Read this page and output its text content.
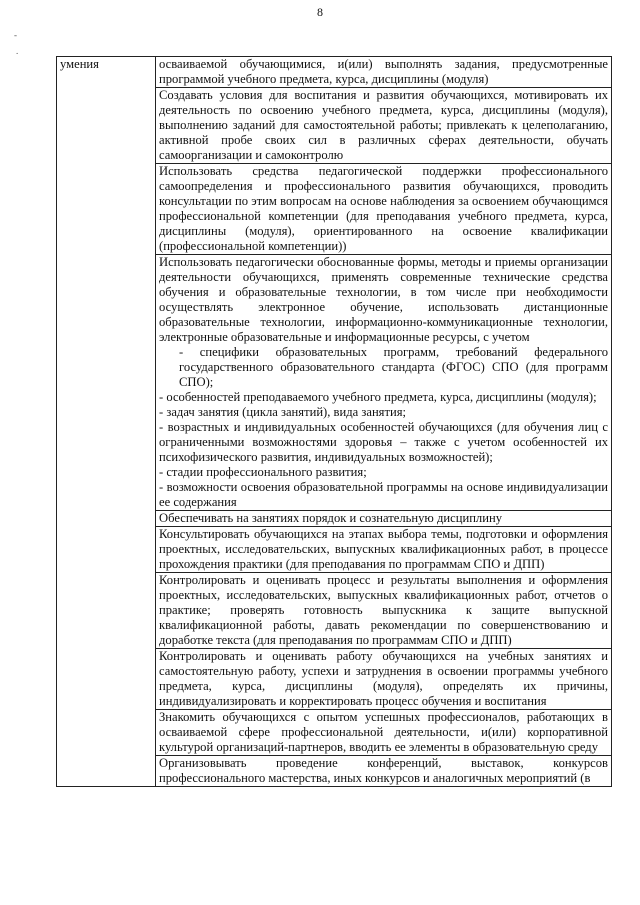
8
-
.
умения	осваиваемой обучающимися, и(или) выполнять задания, предусмотренные программой учебного предмета, курса, дисциплины (модуля)

Создавать условия для воспитания и развития обучающихся, мотивировать их деятельность по освоению учебного предмета, курса, дисциплины (модуля), выполнению заданий для самостоятельной работы; привлекать к целеполаганию, активной пробе своих сил в различных сферах деятельности, обучать самоорганизации и самоконтролю

Использовать средства педагогической поддержки профессионального самоопределения и профессионального развития обучающихся, проводить консультации по этим вопросам на основе наблюдения за освоением обучающимся профессиональной компетенции (для преподавания учебного предмета, курса, дисциплины (модуля), ориентированного на освоение квалификации (профессиональной компетенции))

Использовать педагогически обоснованные формы, методы и приемы организации деятельности обучающихся, применять современные технические средства обучения и образовательные технологии, в том числе при необходимости осуществлять электронное обучение, использовать дистанционные образовательные технологии, информационно-коммуникационные технологии, электронные образовательные и информационные ресурсы, с учетом

- специфики образовательных программ, требований федерального государственного образовательного стандарта (ФГОС) СПО (для программ СПО);

- особенностей преподаваемого учебного предмета, курса, дисциплины (модуля);

- задач занятия (цикла занятий), вида занятия;

- возрастных и индивидуальных особенностей обучающихся (для обучения лиц с ограниченными возможностями здоровья – также с учетом особенностей их психофизического развития, индивидуальных возможностей);

- стадии профессионального развития;

- возможности освоения образовательной программы на основе индивидуализации ее содержания

Обеспечивать на занятиях порядок и сознательную дисциплину

Консультировать обучающихся на этапах выбора темы, подготовки и оформления проектных, исследовательских, выпускных квалификационных работ, в процессе прохождения практики (для преподавания по программам СПО и ДПП)

Контролировать и оценивать процесс и результаты выполнения и оформления проектных, исследовательских, выпускных квалификационных работ, отчетов о практике; проверять готовность выпускника к защите выпускной квалификационной работы, давать рекомендации по совершенствованию и доработке текста (для преподавания по программам СПО и ДПП)

Контролировать и оценивать работу обучающихся на учебных занятиях и самостоятельную работу, успехи и затруднения в освоении программы учебного предмета, курса, дисциплины (модуля), определять их причины, индивидуализировать и корректировать процесс обучения и воспитания

Знакомить обучающихся с опытом успешных профессионалов, работающих в осваиваемой сфере профессиональной деятельности, и(или) корпоративной культурой организаций-партнеров, вводить ее элементы в образовательную среду

Организовывать проведение конференций, выставок, конкурсов профессионального мастерства, иных конкурсов и аналогичных мероприятий (в
